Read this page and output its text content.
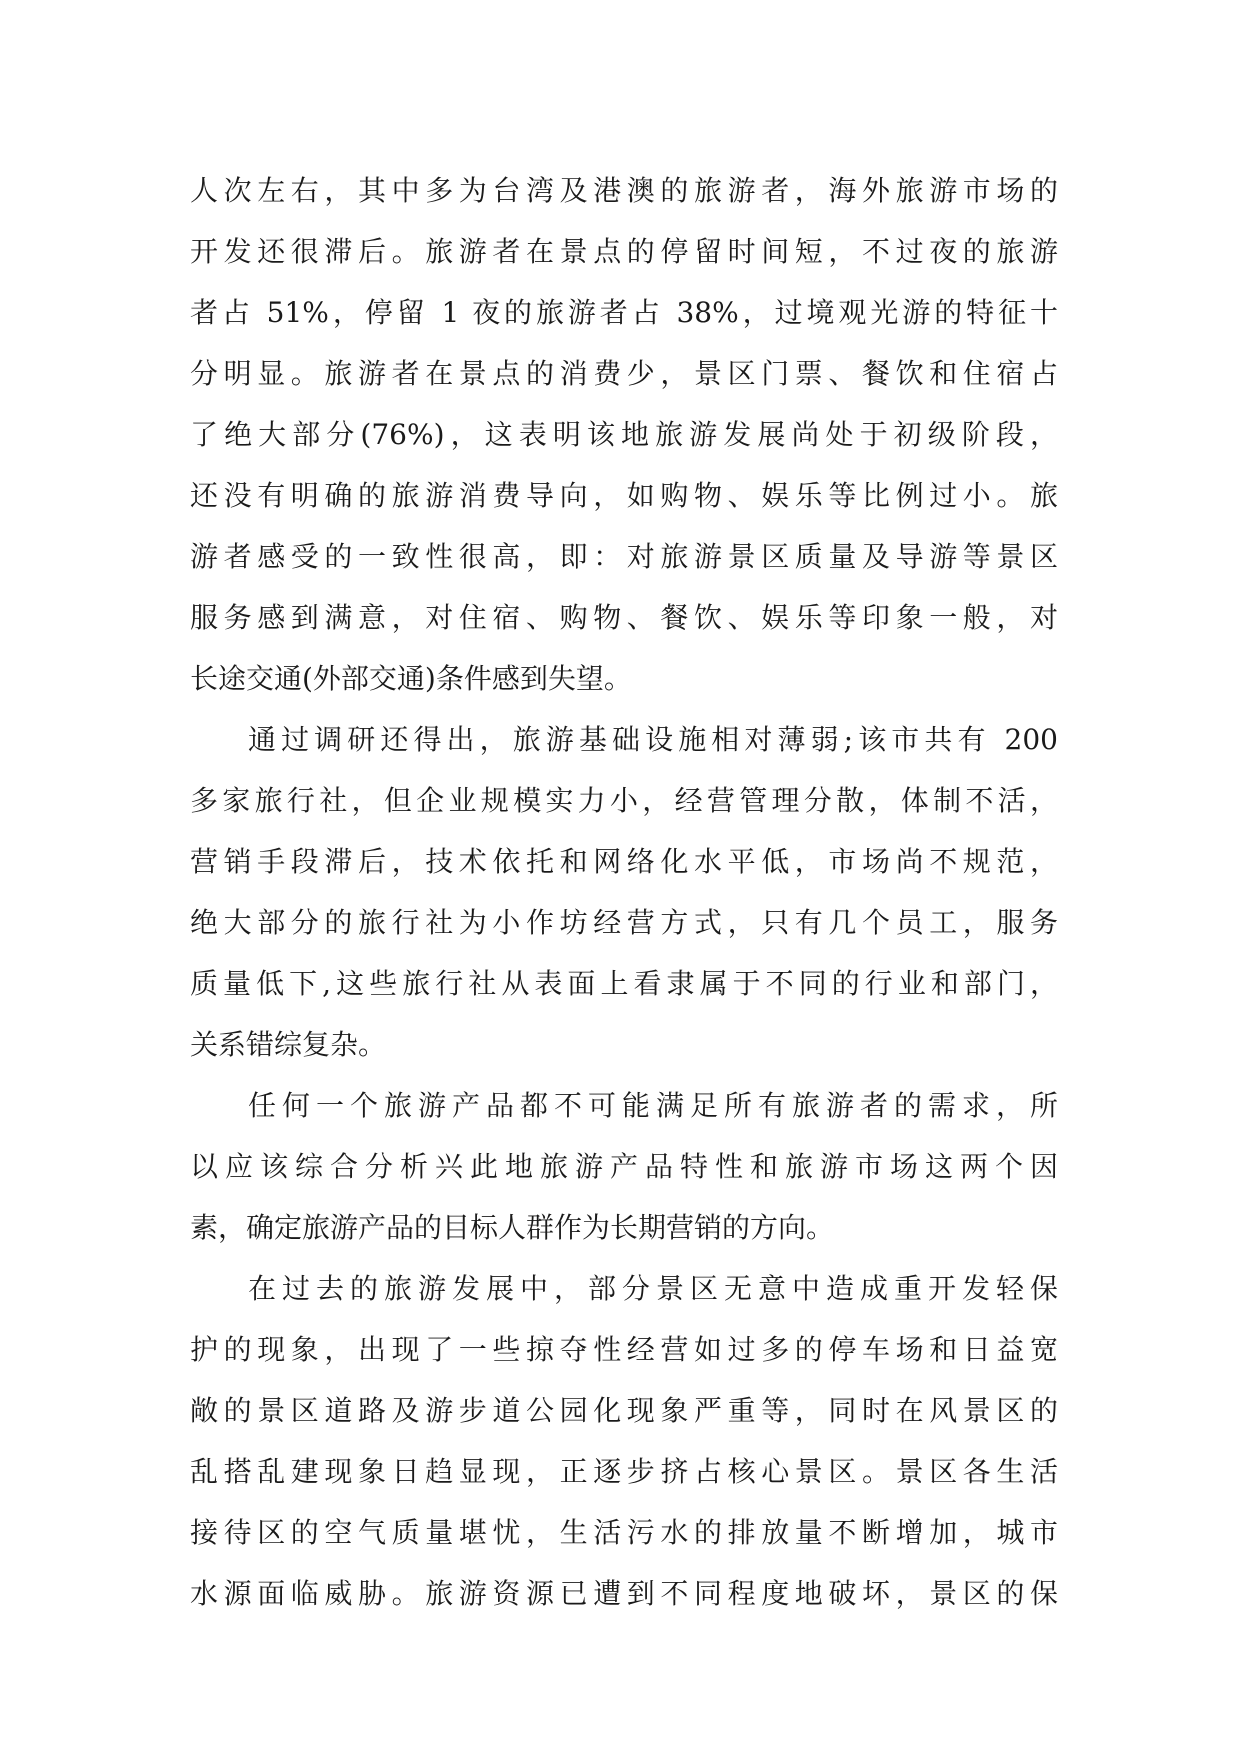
人次左右，其中多为台湾及港澳的旅游者，海外旅游市场的
开发还很滞后。旅游者在景点的停留时间短，不过夜的旅游
者占 51%，停留 1 夜的旅游者占 38%，过境观光游的特征十
分明显。旅游者在景点的消费少，景区门票、餐饮和住宿占
了绝大部分(76%)，这表明该地旅游发展尚处于初级阶段，
还没有明确的旅游消费导向，如购物、娱乐等比例过小。旅
游者感受的一致性很高，即：对旅游景区质量及导游等景区
服务感到满意，对住宿、购物、餐饮、娱乐等印象一般，对
长途交通(外部交通)条件感到失望。
通过调研还得出，旅游基础设施相对薄弱;该市共有 200
多家旅行社，但企业规模实力小，经营管理分散，体制不活，
营销手段滞后，技术依托和网络化水平低，市场尚不规范，
绝大部分的旅行社为小作坊经营方式，只有几个员工，服务
质量低下,这些旅行社从表面上看隶属于不同的行业和部门，
关系错综复杂。
任何一个旅游产品都不可能满足所有旅游者的需求，所
以应该综合分析兴此地旅游产品特性和旅游市场这两个因
素，确定旅游产品的目标人群作为长期营销的方向。
在过去的旅游发展中，部分景区无意中造成重开发轻保
护的现象，出现了一些掠夺性经营如过多的停车场和日益宽
敞的景区道路及游步道公园化现象严重等，同时在风景区的
乱搭乱建现象日趋显现，正逐步挤占核心景区。景区各生活
接待区的空气质量堪忧，生活污水的排放量不断增加，城市
水源面临威胁。旅游资源已遭到不同程度地破坏，景区的保
